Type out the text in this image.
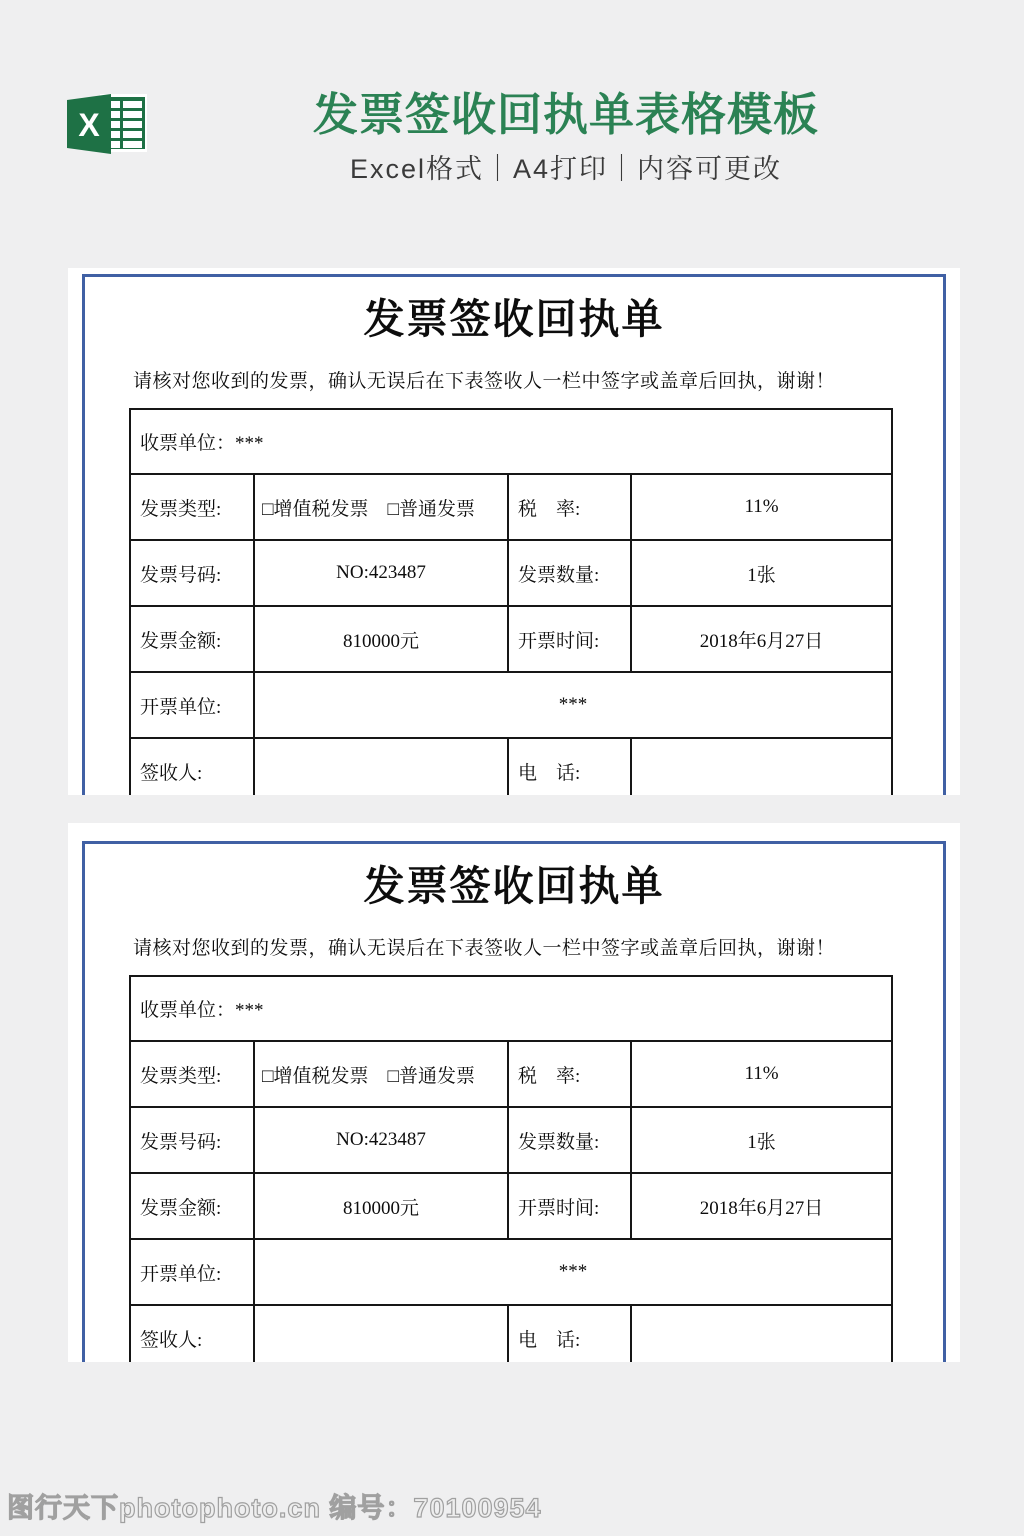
X	发票签收回执单表格模板
Excel格式｜A4打印｜内容可更改
发票签收回执单
请核对您收到的发票，确认无误后在下表签收人一栏中签字或盖章后回执，谢谢！
收票单位：***			
发票类型:	□增值税发票　□普通发票	税　率:	11%
发票号码:	NO:423487	发票数量:	1张
发票金额:	810000元	开票时间:	2018年6月27日
开票单位:	***		
签收人:		电　话:	
发票签收回执单
请核对您收到的发票，确认无误后在下表签收人一栏中签字或盖章后回执，谢谢！
收票单位：***			
发票类型:	□增值税发票　□普通发票	税　率:	11%
发票号码:	NO:423487	发票数量:	1张
发票金额:	810000元	开票时间:	2018年6月27日
开票单位:	***		
签收人:		电　话:	
图行天下photophoto.cn 编号：70100954
